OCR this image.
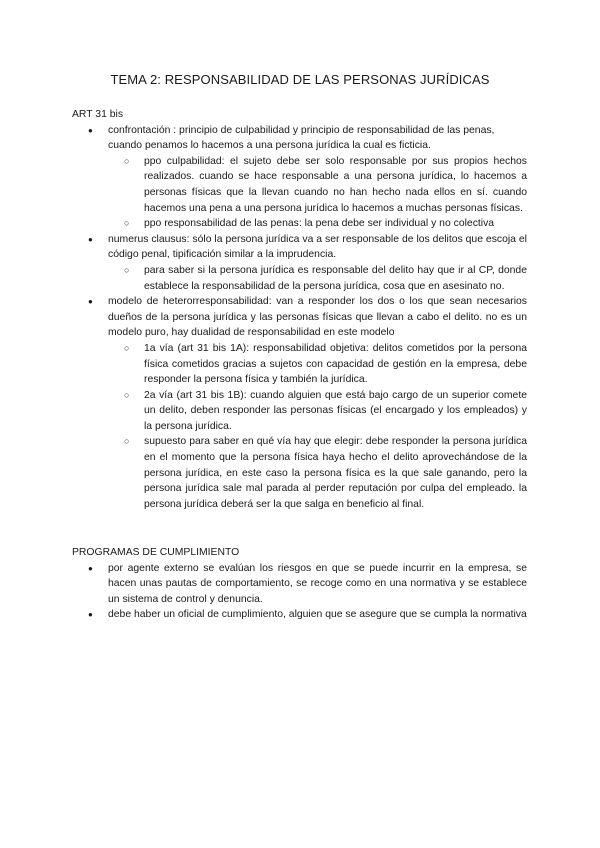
TEMA 2: RESPONSABILIDAD DE LAS PERSONAS JURÍDICAS
ART 31 bis
● confrontación : principio de culpabilidad y principio de responsabilidad de las penas, cuando penamos lo hacemos a una persona jurídica la cual es ficticia.
○ ppo culpabilidad: el sujeto debe ser solo responsable por sus propios hechos realizados. cuando se hace responsable a una persona jurídica, lo hacemos a personas físicas que la llevan cuando no han hecho nada ellos en sí. cuando hacemos una pena a una persona jurídica lo hacemos a muchas personas físicas.
○ ppo responsabilidad de las penas: la pena debe ser individual y no colectiva
● numerus clausus: sólo la persona jurídica va a ser responsable de los delitos que escoja el código penal, tipificación similar a la imprudencia.
○ para saber si la persona jurídica es responsable del delito hay que ir al CP, donde establece la responsabilidad de la persona jurídica, cosa que en asesinato no.
● modelo de heterorresponsabilidad: van a responder los dos o los que sean necesarios dueños de la persona jurídica y las personas físicas que llevan a cabo el delito. no es un modelo puro, hay dualidad de responsabilidad en este modelo
○ 1a vía (art 31 bis 1A): responsabilidad objetiva: delitos cometidos por la persona física cometidos gracias a sujetos con capacidad de gestión en la empresa, debe responder la persona física y también la jurídica.
○ 2a vía (art 31 bis 1B): cuando alguien que está bajo cargo de un superior comete un delito, deben responder las personas físicas (el encargado y los empleados) y la persona jurídica.
○ supuesto para saber en qué vía hay que elegir: debe responder la persona jurídica en el momento que la persona física haya hecho el delito aprovechándose de la persona jurídica, en este caso la persona física es la que sale ganando, pero la persona jurídica sale mal parada al perder reputación por culpa del empleado. la persona jurídica deberá ser la que salga en beneficio al final.
PROGRAMAS DE CUMPLIMIENTO
● por agente externo se evalúan los riesgos en que se puede incurrir en la empresa, se hacen unas pautas de comportamiento, se recoge como en una normativa y se establece un sistema de control y denuncia.
● debe haber un oficial de cumplimiento, alguien que se asegure que se cumpla la normativa
